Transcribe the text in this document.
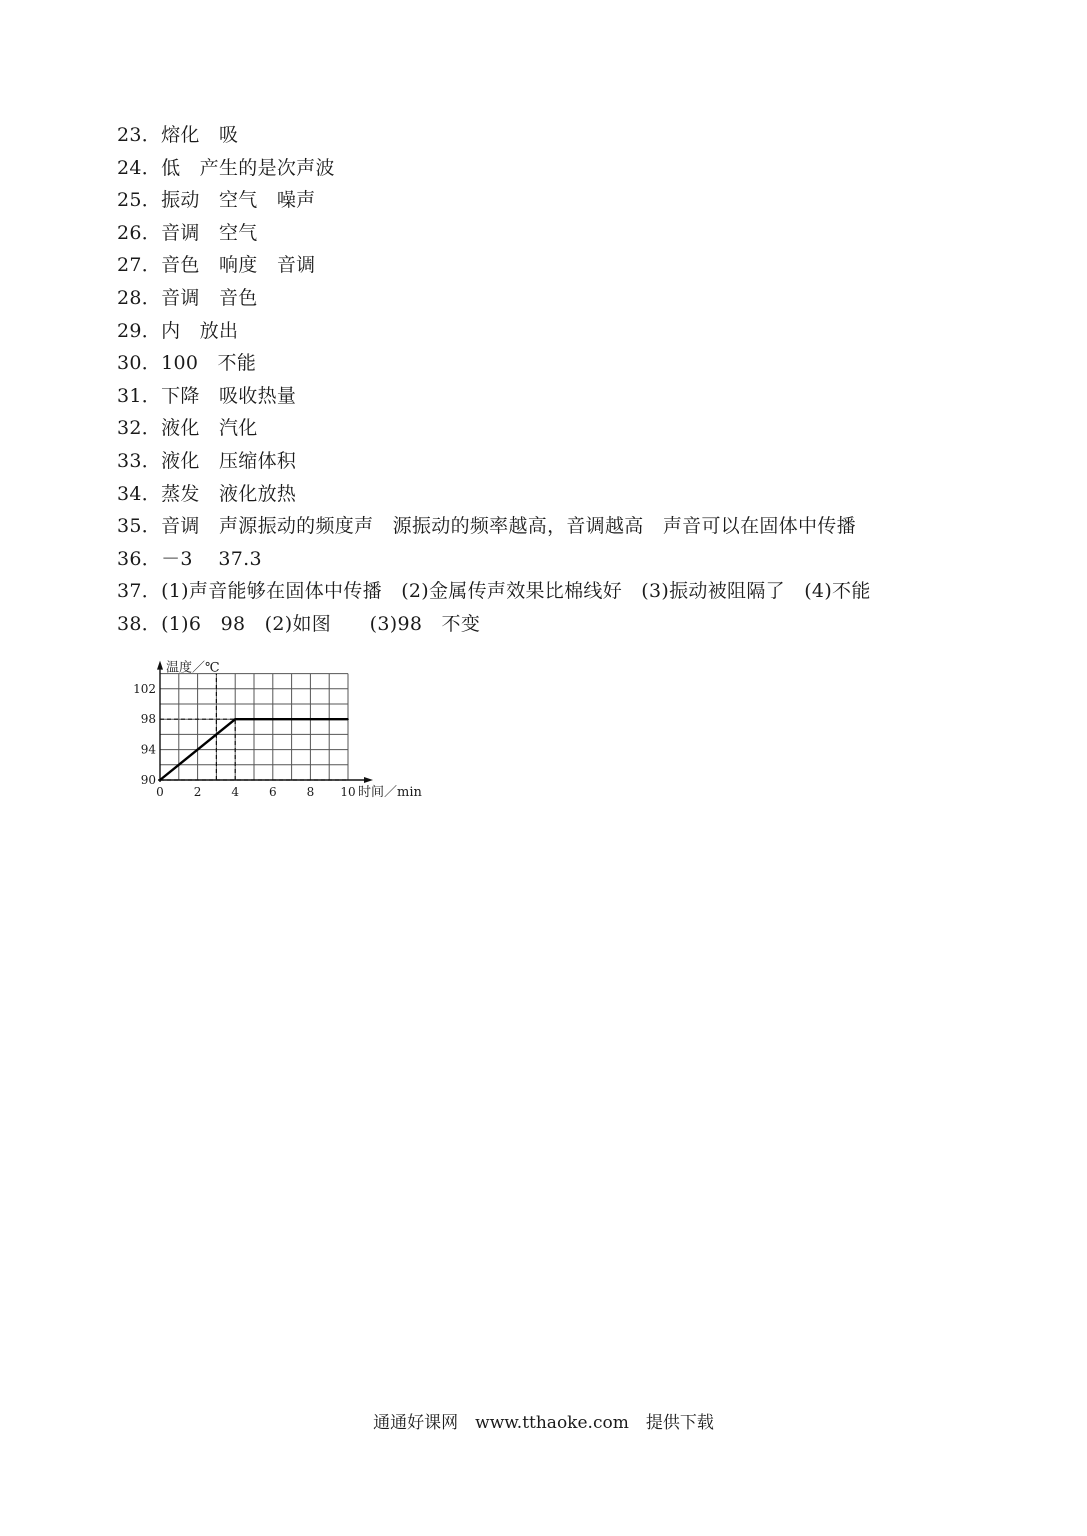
23．熔化　吸
24．低　产生的是次声波
25．振动　空气　噪声
26．音调　空气
27．音色　响度　音调
28．音调　音色
29．内　放出
30．100　不能
31．下降　吸收热量
32．液化　汽化
33．液化　压缩体积
34．蒸发　液化放热
35．音调　声源振动的频度声　源振动的频率越高，音调越高　声音可以在固体中传播
36．－3　 37.3
37．(1)声音能够在固体中传播　(2)金属传声效果比棉线好　(3)振动被阻隔了　(4)不能
38．(1)6　98　(2)如图　　(3)98　不变
0 2 4 6 8 10
90
94
98
102
温度／℃
时间／min
通通好课网　www.tthaoke.com　提供下载
